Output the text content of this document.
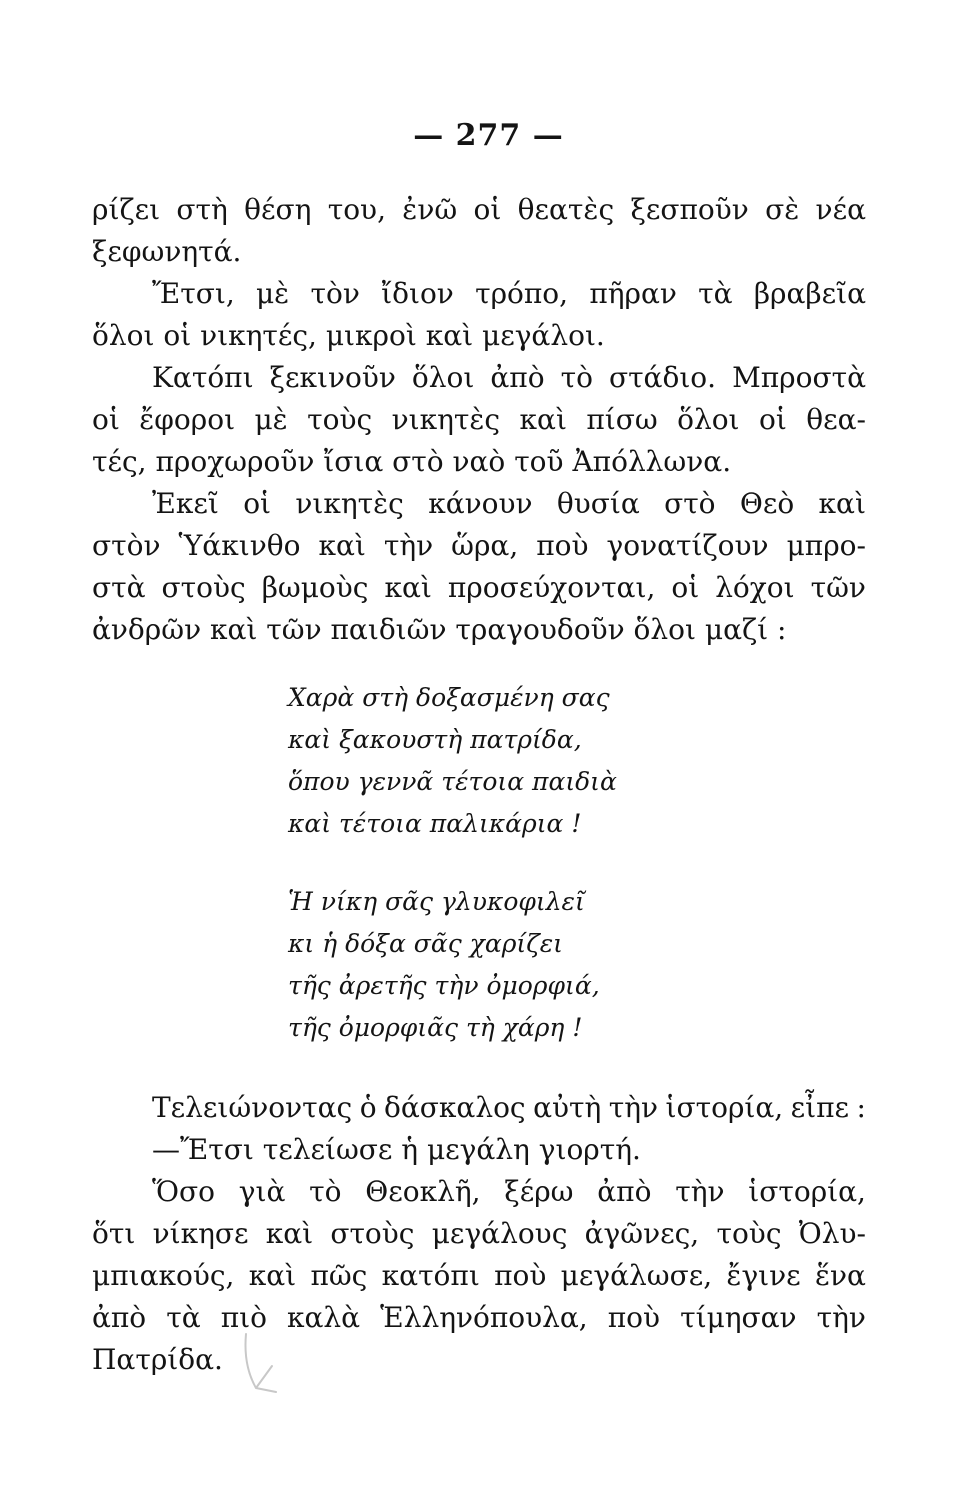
— 277 —
ρίζει στὴ θέση του, ἐνῶ οἱ θεατὲς ξεσποῦν σὲ νέα
ξεφωνητά.
Ἔτσι, μὲ τὸν ἴδιον τρόπο, πῆραν τὰ βραβεῖα
ὅλοι οἱ νικητές, μικροὶ καὶ μεγάλοι.
Κατόπι ξεκινοῦν ὅλοι ἀπὸ τὸ στάδιο. Μπροστὰ
οἱ ἔφοροι μὲ τοὺς νικητὲς καὶ πίσω ὅλοι οἱ θεα-
τές, προχωροῦν ἴσια στὸ ναὸ τοῦ Ἀπόλλωνα.
Ἐκεῖ οἱ νικητὲς κάνουν θυσία στὸ Θεὸ καὶ
στὸν Ὑάκινθο καὶ τὴν ὥρα, ποὺ γονατίζουν μπρο-
στὰ στοὺς βωμοὺς καὶ προσεύχονται, οἱ λόχοι τῶν
ἀνδρῶν καὶ τῶν παιδιῶν τραγουδοῦν ὅλοι μαζί :
Χαρὰ στὴ δοξασμένη σας
καὶ ξακουστὴ πατρίδα,
ὅπου γεννᾶ τέτοια παιδιὰ
καὶ τέτοια παλικάρια !
Ἡ νίκη σᾶς γλυκοφιλεῖ
κι ἡ δόξα σᾶς χαρίζει
τῆς ἀρετῆς τὴν ὀμορφιά,
τῆς ὀμορφιᾶς τὴ χάρη !
Τελειώνοντας ὁ δάσκαλος αὐτὴ τὴν ἱστορία, εἶπε :
—Ἔτσι τελείωσε ἡ μεγάλη γιορτή.
Ὅσο γιὰ τὸ Θεοκλῆ, ξέρω ἀπὸ τὴν ἱστορία,
ὅτι νίκησε καὶ στοὺς μεγάλους ἀγῶνες, τοὺς Ὀλυ-
μπιακούς, καὶ πῶς κατόπι ποὺ μεγάλωσε, ἔγινε ἕνα
ἀπὸ τὰ πιὸ καλὰ Ἑλληνόπουλα, ποὺ τίμησαν τὴν
Πατρίδα.
